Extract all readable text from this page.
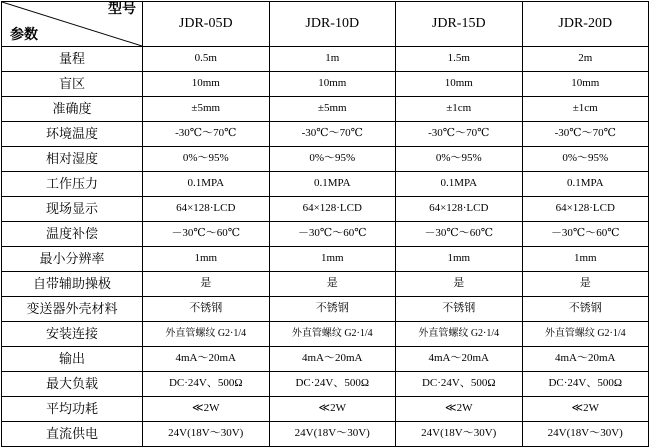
型号
参数	JDR-05D	JDR-10D	JDR-15D	JDR-20D
量程	0.5m	1m	1.5m	2m
盲区	10mm	10mm	10mm	10mm
准确度	±5mm	±5mm	±1cm	±1cm
环境温度	-30℃～70℃	-30℃～70℃	-30℃～70℃	-30℃～70℃
相对湿度	0%～95%	0%～95%	0%～95%	0%～95%
工作压力	0.1MPA	0.1MPA	0.1MPA	0.1MPA
现场显示	64×128·LCD	64×128·LCD	64×128·LCD	64×128·LCD
温度补偿	－30℃～60℃	－30℃～60℃	－30℃～60℃	－30℃～60℃
最小分辨率	1mm	1mm	1mm	1mm
自带辅助操极	是	是	是	是
变送器外壳材料	不锈钢	不锈钢	不锈钢	不锈钢
安装连接	外直管螺纹 G2·1/4	外直管螺纹 G2·1/4	外直管螺纹 G2·1/4	外直管螺纹 G2·1/4
输出	4mA～20mA	4mA～20mA	4mA～20mA	4mA～20mA
最大负载	DC·24V、500Ω	DC·24V、500Ω	DC·24V、500Ω	DC·24V、500Ω
平均功耗	≪2W	≪2W	≪2W	≪2W
直流供电	24V(18V～30V)	24V(18V～30V)	24V(18V～30V)	24V(18V～30V)
